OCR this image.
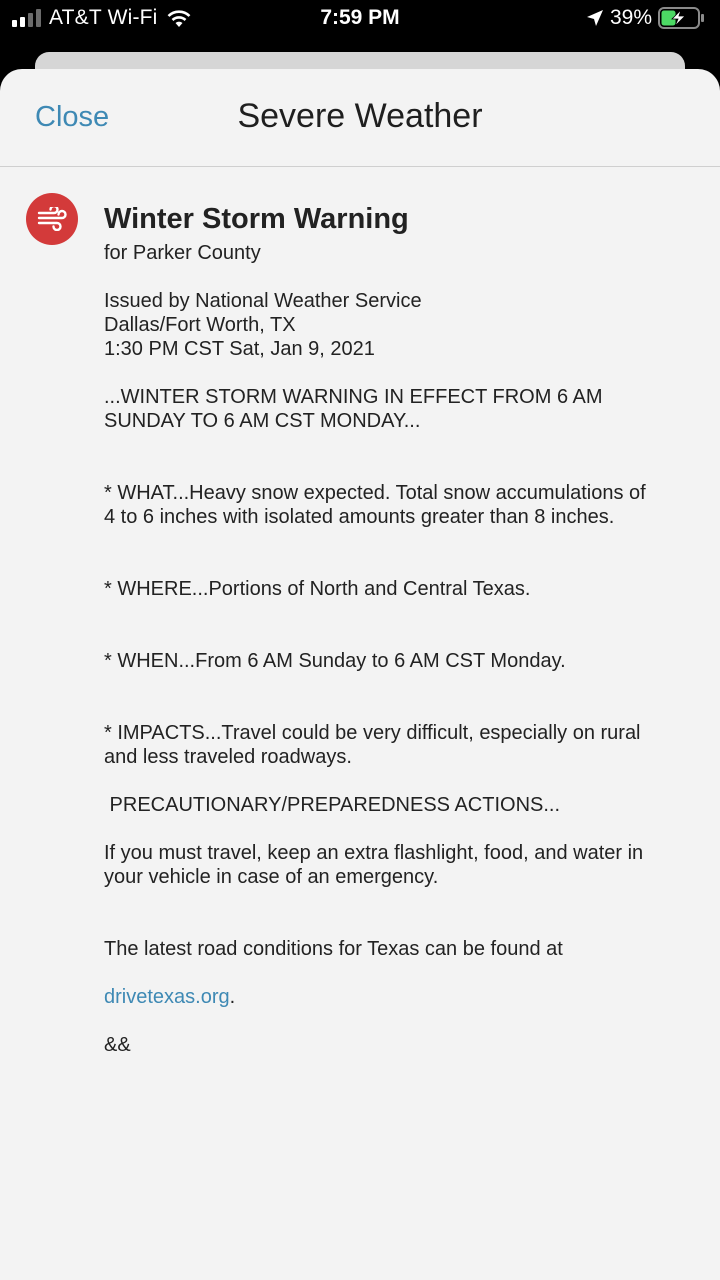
AT&T Wi-Fi	7:59 PM	39%
Close	Severe Weather
Winter Storm Warning
for Parker County
Issued by National Weather Service
Dallas/Fort Worth, TX
1:30 PM CST Sat, Jan 9, 2021
...WINTER STORM WARNING IN EFFECT FROM 6 AM
SUNDAY TO 6 AM CST MONDAY...
* WHAT...Heavy snow expected. Total snow accumulations of
4 to 6 inches with isolated amounts greater than 8 inches.
* WHERE...Portions of North and Central Texas.
* WHEN...From 6 AM Sunday to 6 AM CST Monday.
* IMPACTS...Travel could be very difficult, especially on rural
and less traveled roadways.
PRECAUTIONARY/PREPAREDNESS ACTIONS...
If you must travel, keep an extra flashlight, food, and water in
your vehicle in case of an emergency.

The latest road conditions for Texas can be found at

drivetexas.org.

&&
